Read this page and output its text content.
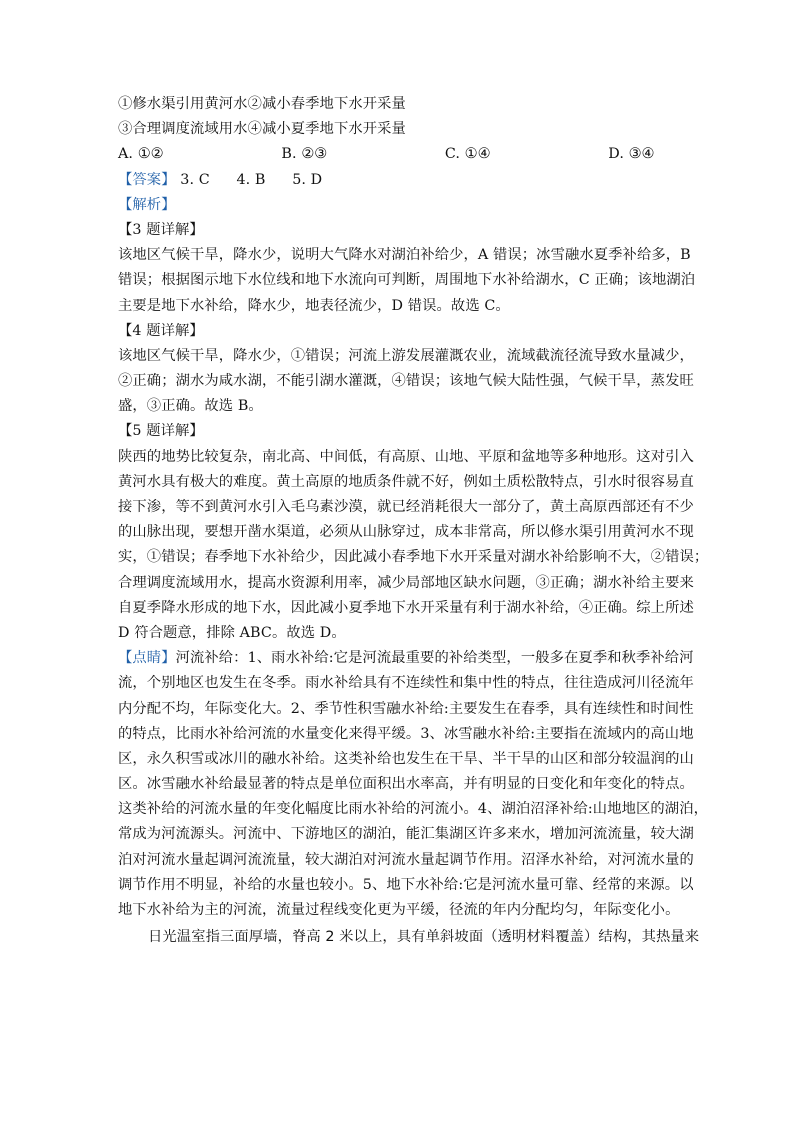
①修水渠引用黄河水②减小春季地下水开采量
③合理调度流域用水④减小夏季地下水开采量
A. ①②	B. ②③	C. ①④	D. ③④
【答案】 3. C 4. B 5. D
【解析】
【3 题详解】
该地区气候干旱，降水少，说明大气降水对湖泊补给少，A 错误；冰雪融水夏季补给多，B
错误；根据图示地下水位线和地下水流向可判断，周围地下水补给湖水，C 正确；该地湖泊
主要是地下水补给，降水少，地表径流少，D 错误。故选 C。
【4 题详解】
该地区气候干旱，降水少，①错误；河流上游发展灌溉农业，流域截流径流导致水量减少，
②正确；湖水为咸水湖，不能引湖水灌溉，④错误；该地气候大陆性强，气候干旱，蒸发旺
盛，③正确。故选 B。
【5 题详解】
陕西的地势比较复杂，南北高、中间低，有高原、山地、平原和盆地等多种地形。这对引入
黄河水具有极大的难度。黄土高原的地质条件就不好，例如土质松散特点，引水时很容易直
接下渗，等不到黄河水引入毛乌素沙漠，就已经消耗很大一部分了，黄土高原西部还有不少
的山脉出现，要想开凿水渠道，必须从山脉穿过，成本非常高，所以修水渠引用黄河水不现
实，①错误；春季地下水补给少，因此减小春季地下水开采量对湖水补给影响不大，②错误；
合理调度流域用水，提高水资源利用率，减少局部地区缺水问题，③正确；湖水补给主要来
自夏季降水形成的地下水，因此减小夏季地下水开采量有利于湖水补给，④正确。综上所述
D 符合题意，排除 ABC。故选 D。
【点睛】河流补给：1、雨水补给:它是河流最重要的补给类型，一般多在夏季和秋季补给河
流，个别地区也发生在冬季。雨水补给具有不连续性和集中性的特点，往往造成河川径流年
内分配不均，年际变化大。2、季节性积雪融水补给:主要发生在春季，具有连续性和时间性
的特点，比雨水补给河流的水量变化来得平缓。3、冰雪融水补给:主要指在流域内的高山地
区，永久积雪或冰川的融水补给。这类补给也发生在干旱、半干旱的山区和部分较温润的山
区。冰雪融水补给最显著的特点是单位面积出水率高，并有明显的日变化和年变化的特点。
这类补给的河流水量的年变化幅度比雨水补给的河流小。4、湖泊沼泽补给:山地地区的湖泊，
常成为河流源头。河流中、下游地区的湖泊，能汇集湖区许多来水，增加河流流量，较大湖
泊对河流水量起调河流流量，较大湖泊对河流水量起调节作用。沼泽水补给，对河流水量的
调节作用不明显，补给的水量也较小。5、地下水补给:它是河流水量可靠、经常的来源。以
地下水补给为主的河流，流量过程线变化更为平缓，径流的年内分配均匀，年际变化小。
日光温室指三面厚墙，脊高 2 米以上，具有单斜坡面（透明材料覆盖）结构，其热量来
